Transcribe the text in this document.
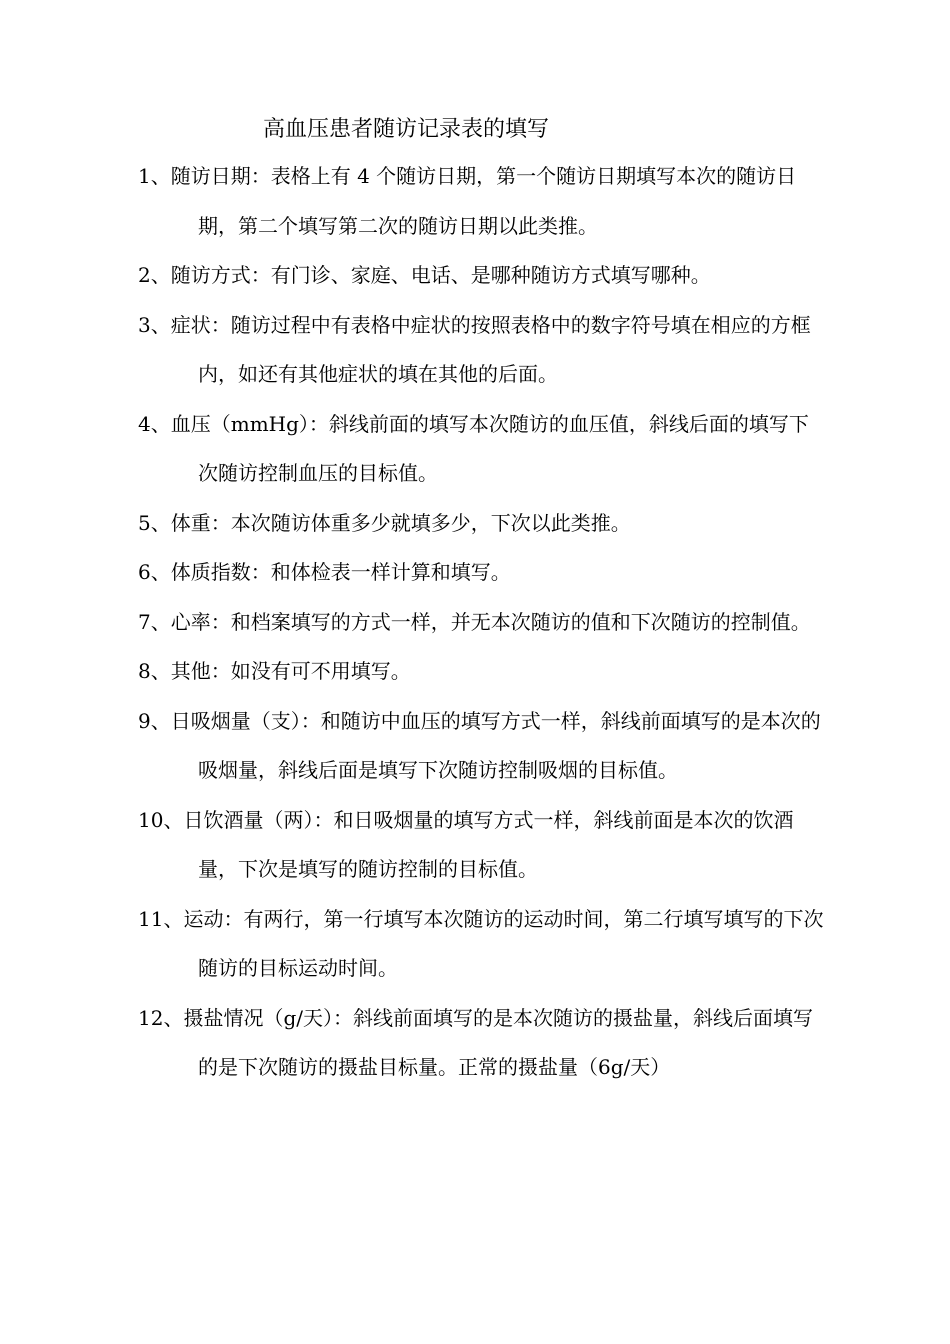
高血压患者随访记录表的填写

1、随访日期：表格上有 4 个随访日期，第一个随访日期填写本次的随访日期，第二个填写第二次的随访日期以此类推。

2、随访方式：有门诊、家庭、电话、是哪种随访方式填写哪种。

3、症状：随访过程中有表格中症状的按照表格中的数字符号填在相应的方框内，如还有其他症状的填在其他的后面。

4、血压（mmHg）：斜线前面的填写本次随访的血压值，斜线后面的填写下次随访控制血压的目标值。

5、体重：本次随访体重多少就填多少，下次以此类推。

6、体质指数：和体检表一样计算和填写。

7、心率：和档案填写的方式一样，并无本次随访的值和下次随访的控制值。

8、其他：如没有可不用填写。

9、日吸烟量（支）：和随访中血压的填写方式一样，斜线前面填写的是本次的吸烟量，斜线后面是填写下次随访控制吸烟的目标值。

10、日饮酒量（两）：和日吸烟量的填写方式一样，斜线前面是本次的饮酒量，下次是填写的随访控制的目标值。

11、运动：有两行，第一行填写本次随访的运动时间，第二行填写填写的下次随访的目标运动时间。

12、摄盐情况（g/天）：斜线前面填写的是本次随访的摄盐量，斜线后面填写的是下次随访的摄盐目标量。正常的摄盐量（6g/天）
